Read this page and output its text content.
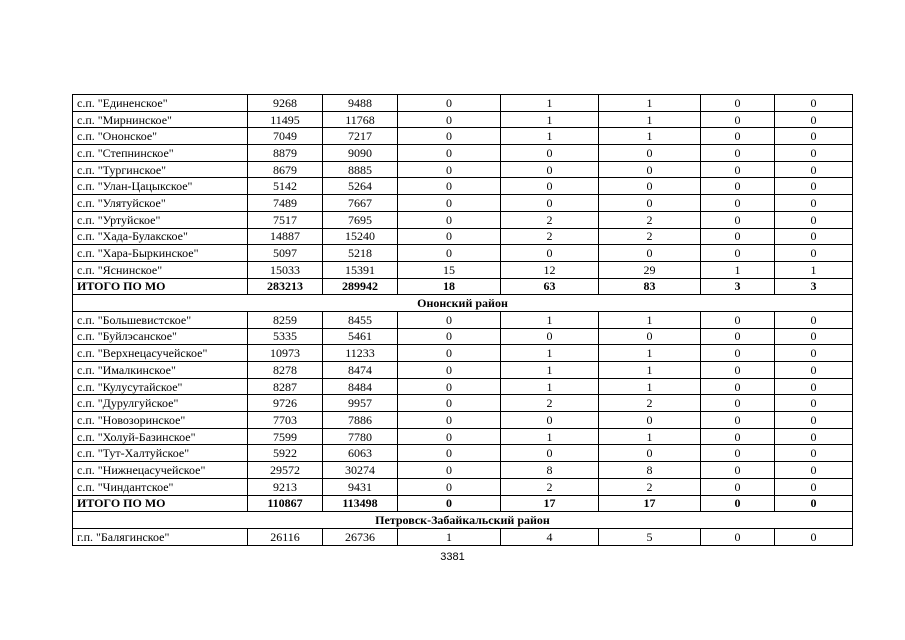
с.п. "Единенское"	9268	9488	0	1	1	0	0
с.п. "Мирнинское"	11495	11768	0	1	1	0	0
с.п. "Ононское"	7049	7217	0	1	1	0	0
с.п. "Степнинское"	8879	9090	0	0	0	0	0
с.п. "Тургинское"	8679	8885	0	0	0	0	0
с.п. "Улан-Цацыкское"	5142	5264	0	0	0	0	0
с.п. "Улятуйское"	7489	7667	0	0	0	0	0
с.п. "Уртуйское"	7517	7695	0	2	2	0	0
с.п. "Хада-Булакское"	14887	15240	0	2	2	0	0
с.п. "Хара-Быркинское"	5097	5218	0	0	0	0	0
с.п. "Яснинское"	15033	15391	15	12	29	1	1
ИТОГО ПО МО	283213	289942	18	63	83	3	3
Ононский район							
с.п. "Большевистское"	8259	8455	0	1	1	0	0
с.п. "Буйлэсанское"	5335	5461	0	0	0	0	0
с.п. "Верхнецасучейское"	10973	11233	0	1	1	0	0
с.п. "Ималкинское"	8278	8474	0	1	1	0	0
с.п. "Кулусутайское"	8287	8484	0	1	1	0	0
с.п. "Дурулгуйское"	9726	9957	0	2	2	0	0
с.п. "Новозоринское"	7703	7886	0	0	0	0	0
с.п. "Холуй-Базинское"	7599	7780	0	1	1	0	0
с.п. "Тут-Халтуйское"	5922	6063	0	0	0	0	0
с.п. "Нижнецасучейское"	29572	30274	0	8	8	0	0
с.п. "Чиндантское"	9213	9431	0	2	2	0	0
ИТОГО ПО МО	110867	113498	0	17	17	0	0
Петровск-Забайкальский район							
г.п. "Балягинское"	26116	26736	1	4	5	0	0
3381
